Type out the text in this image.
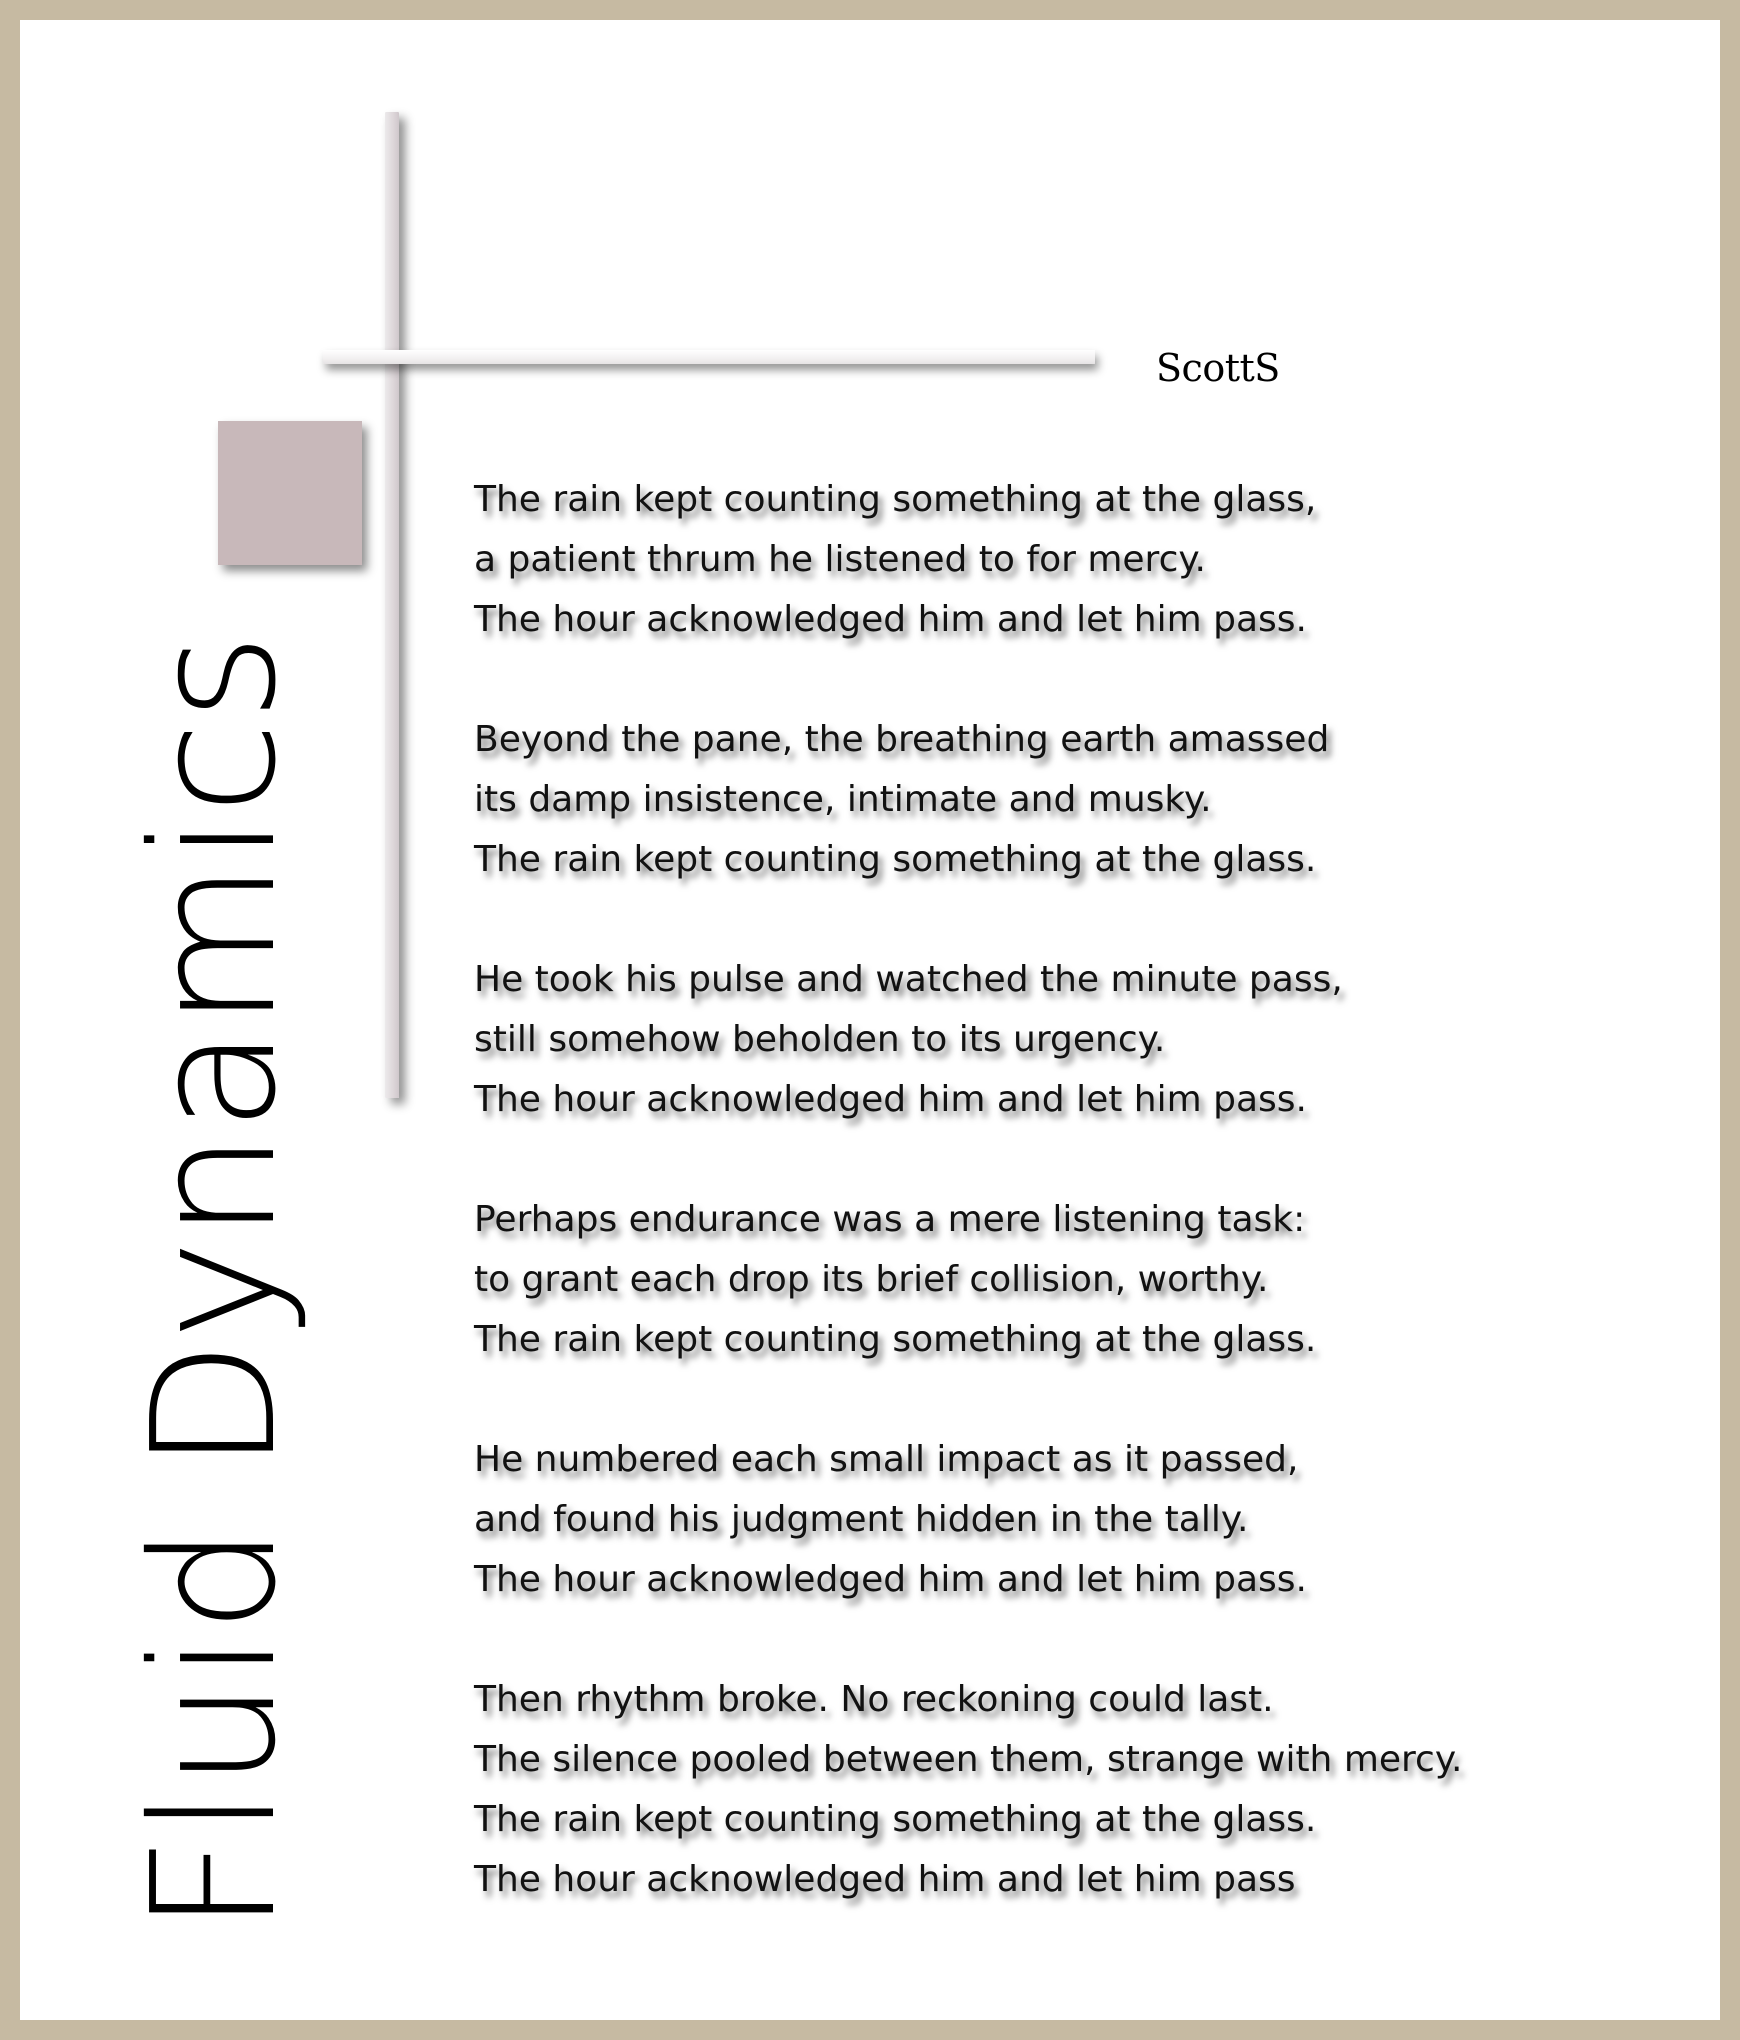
Fluid Dynamics
ScottS
The rain kept counting something at the glass,
a patient thrum he listened to for mercy.
The hour acknowledged him and let him pass.
Beyond the pane, the breathing earth amassed
its damp insistence, intimate and musky.
The rain kept counting something at the glass.
He took his pulse and watched the minute pass,
still somehow beholden to its urgency.
The hour acknowledged him and let him pass.
Perhaps endurance was a mere listening task:
to grant each drop its brief collision, worthy.
The rain kept counting something at the glass.
He numbered each small impact as it passed,
and found his judgment hidden in the tally.
The hour acknowledged him and let him pass.
Then rhythm broke. No reckoning could last.
The silence pooled between them, strange with mercy.
The rain kept counting something at the glass.
The hour acknowledged him and let him pass
